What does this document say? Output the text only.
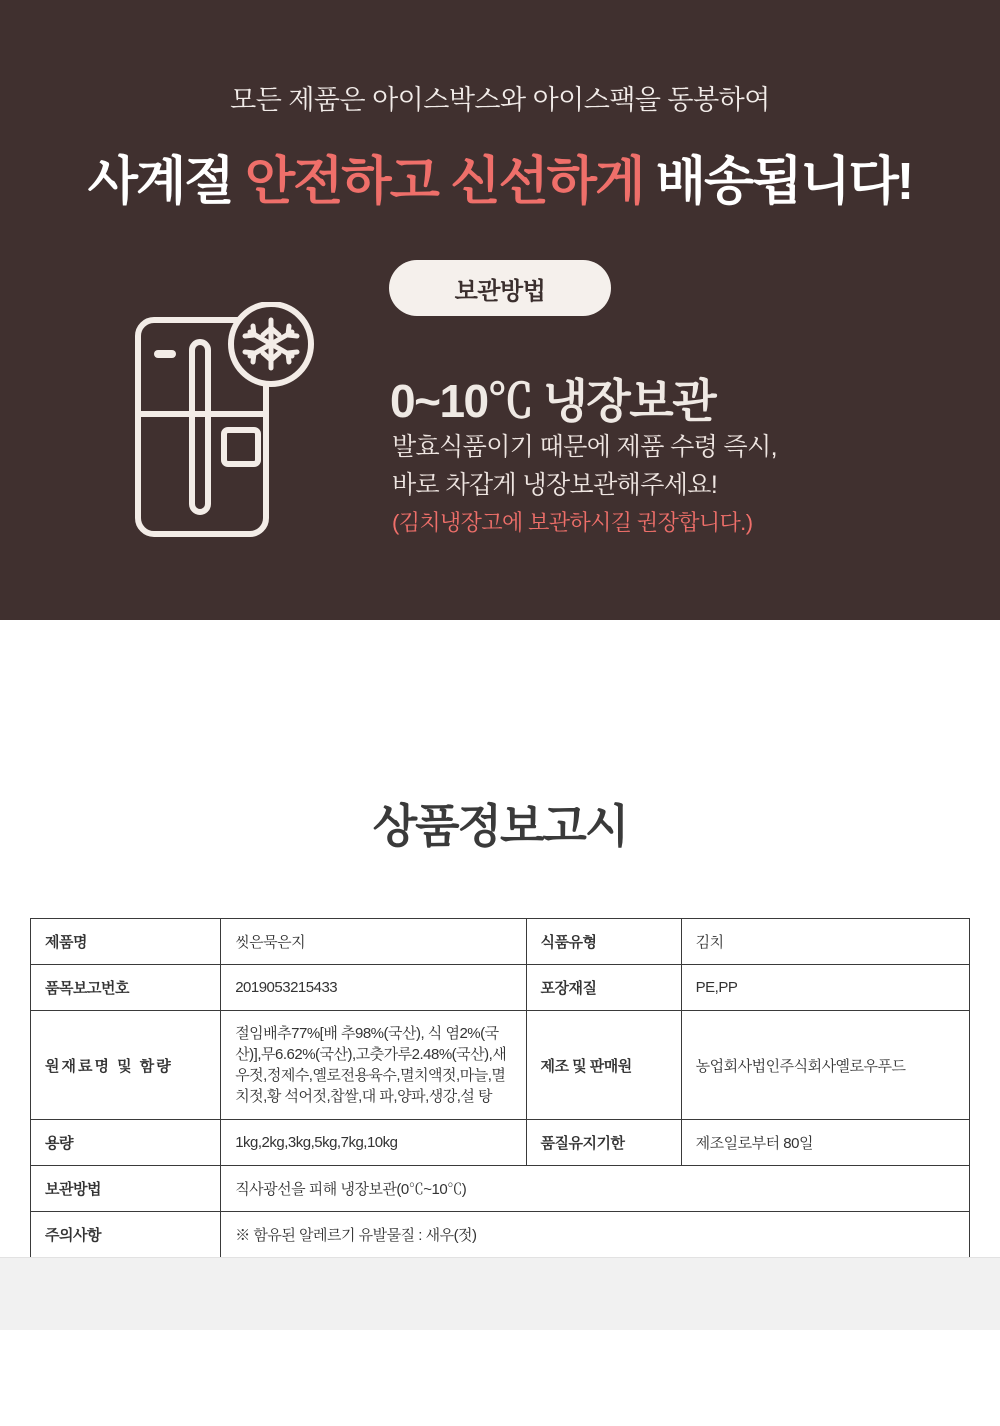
모든 제품은 아이스박스와 아이스팩을 동봉하여
사계절 안전하고 신선하게 배송됩니다!
보관방법
0~10℃ 냉장보관
발효식품이기 때문에 제품 수령 즉시,
바로 차갑게 냉장보관해주세요!
(김치냉장고에 보관하시길 권장합니다.)
상품정보고시
제품명	씻은묵은지	식품유형	김치
품목보고번호	2019053215433	포장재질	PE,PP
원재료명 및 함량	절임배추77%[배 추98%(국산), 식 염2%(국산)],무6.62%(국산),고춧가루2.48%(국산),새우젓,정제수,옐로전용육수,멸치액젓,마늘,멸치젓,황 석어젓,찹쌀,대 파,양파,생강,설 탕	제조 및 판매원	농업회사법인주식회사옐로우푸드
용량	1kg,2kg,3kg,5kg,7kg,10kg	품질유지기한	제조일로부터 80일
보관방법	직사광선을 피해 냉장보관(0℃~10℃)		
주의사항	※ 함유된 알레르기 유발물질 : 새우(젓)		
